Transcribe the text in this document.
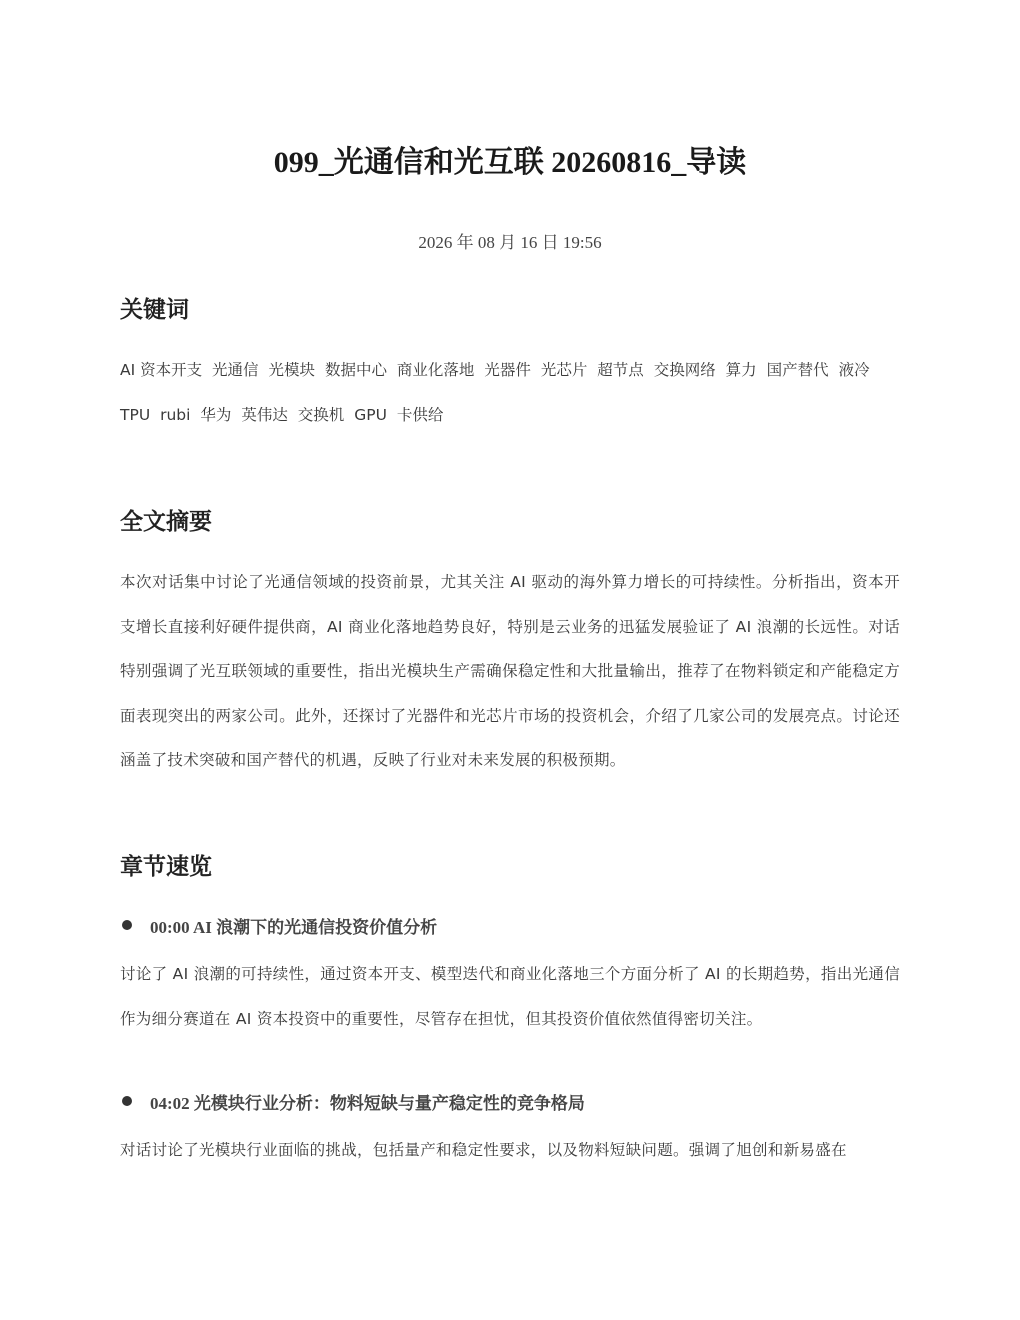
099_光通信和光互联 20260816_导读
2026 年 08 月 16 日 19:56
关键词

AI 资本开支 光通信 光模块 数据中心 商业化落地 光器件 光芯片 超节点 交换网络 算力 国产替代 液冷 TPU rubi 华为 英伟达 交换机 GPU 卡供给

全文摘要

本次对话集中讨论了光通信领域的投资前景，尤其关注 AI 驱动的海外算力增长的可持续性。分析指出，资本开支增长直接利好硬件提供商，AI 商业化落地趋势良好，特别是云业务的迅猛发展验证了 AI 浪潮的长远性。对话特别强调了光互联领域的重要性，指出光模块生产需确保稳定性和大批量输出，推荐了在物料锁定和产能稳定方面表现突出的两家公司。此外，还探讨了光器件和光芯片市场的投资机会，介绍了几家公司的发展亮点。讨论还涵盖了技术突破和国产替代的机遇，反映了行业对未来发展的积极预期。

章节速览
00:00 AI 浪潮下的光通信投资价值分析

讨论了 AI 浪潮的可持续性，通过资本开支、模型迭代和商业化落地三个方面分析了 AI 的长期趋势，指出光通信作为细分赛道在 AI 资本投资中的重要性，尽管存在担忧，但其投资价值依然值得密切关注。

04:02 光模块行业分析：物料短缺与量产稳定性的竞争格局

对话讨论了光模块行业面临的挑战，包括量产和稳定性要求，以及物料短缺问题。强调了旭创和新易盛在
